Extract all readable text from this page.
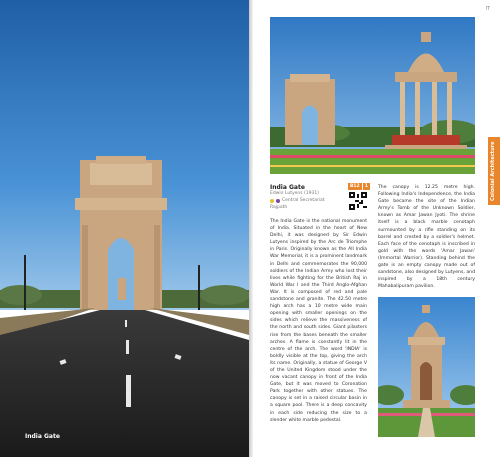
India Gate
IT
Colonial Architecture
India Gate
Edwin Lutyens (1931)
Central Secretariat
Rajpath
B12	1
The India Gate is the national monument of India. Situated in the heart of New Delhi, it was designed by Sir Edwin Lutyens inspired by the Arc de Triomphe in Paris. Originally known as the All India War Memorial, it is a prominent landmark in Delhi and commemorates the 90,000 soldiers of the Indian Army who lost their lives while fighting for the British Raj in World War I and the Third Anglo-Afghan War. It is composed of red and pale sandstone and granite. The 42.50 metre high arch has a 10 metre wide main opening with smaller openings on the sides which relieve the massiveness of the north and south sides. Giant pilasters rise from the bases beneath the smaller arches. A flame is constantly lit in the centre of the arch. The word 'INDIA' is boldly visible at the top, giving the arch its name. Originally, a statue of George V of the United Kingdom stood under the now vacant canopy in front of the India Gate, but it was moved to Coronation Park together with other statues. The canopy is set in a raised circular basin in a square pool. There is a deep concavity in each side reducing the size to a slender white marble pedestal.
The canopy is 12.25 metre high. Following India's Independence, the India Gate became the site of the Indian Army's Tomb of the Unknown Soldier, known as Amar Jawan Jyoti. The shrine itself is a black marble cenotaph surmounted by a rifle standing on its barrel and crested by a soldier's helmet. Each face of the cenotaph is inscribed in gold with the words 'Amar Jawan' (Immortal Warrior). Standing behind the gate is an empty canopy made out of sandstone, also designed by Lutyens, and inspired by a 18th century Mahabalipuram pavilion.
